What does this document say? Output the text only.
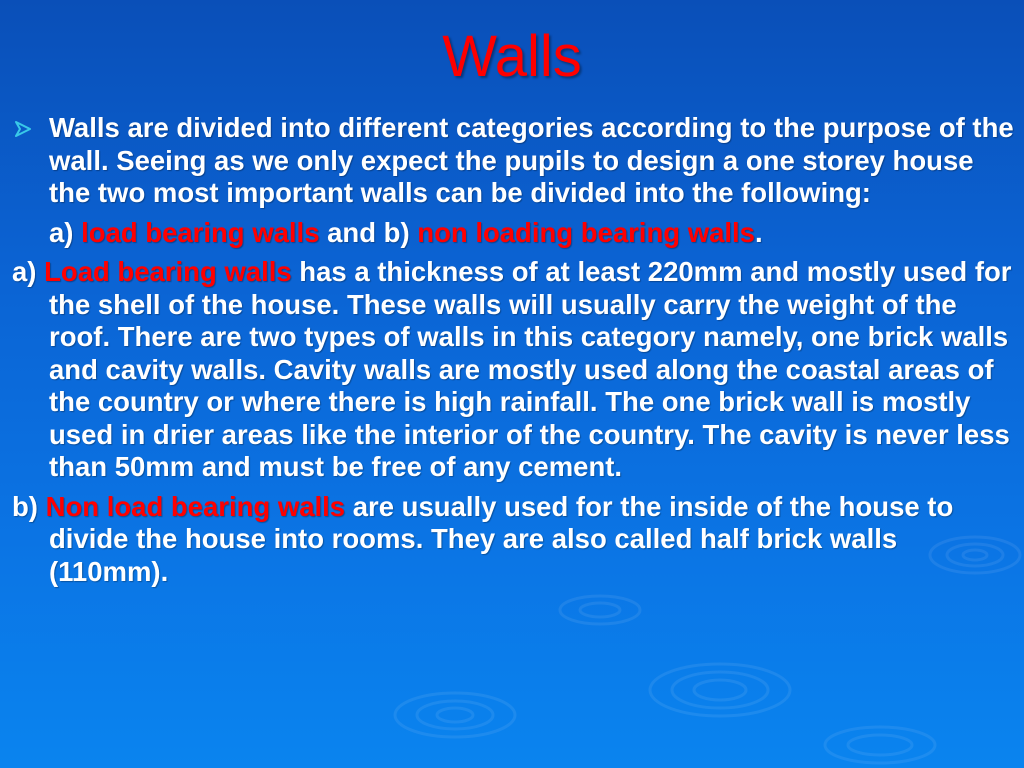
Walls

Walls are divided into different categories according to the purpose of the wall. Seeing as we only expect the pupils to design a one storey house the two most important walls can be divided into the following:

a) load bearing walls and b) non loading bearing walls.

a) Load bearing walls has a thickness of at least 220mm and mostly used for the shell of the house. These walls will usually carry the weight of the roof. There are two types of walls in this category namely, one brick walls and cavity walls. Cavity walls are mostly used along the coastal areas of the country or where there is high rainfall. The one brick wall is mostly used in drier areas like the interior of the country. The cavity is never less than 50mm and must be free of any cement.

b) Non load bearing walls are usually used for the inside of the house to divide the house into rooms. They are also called half brick walls (110mm).
